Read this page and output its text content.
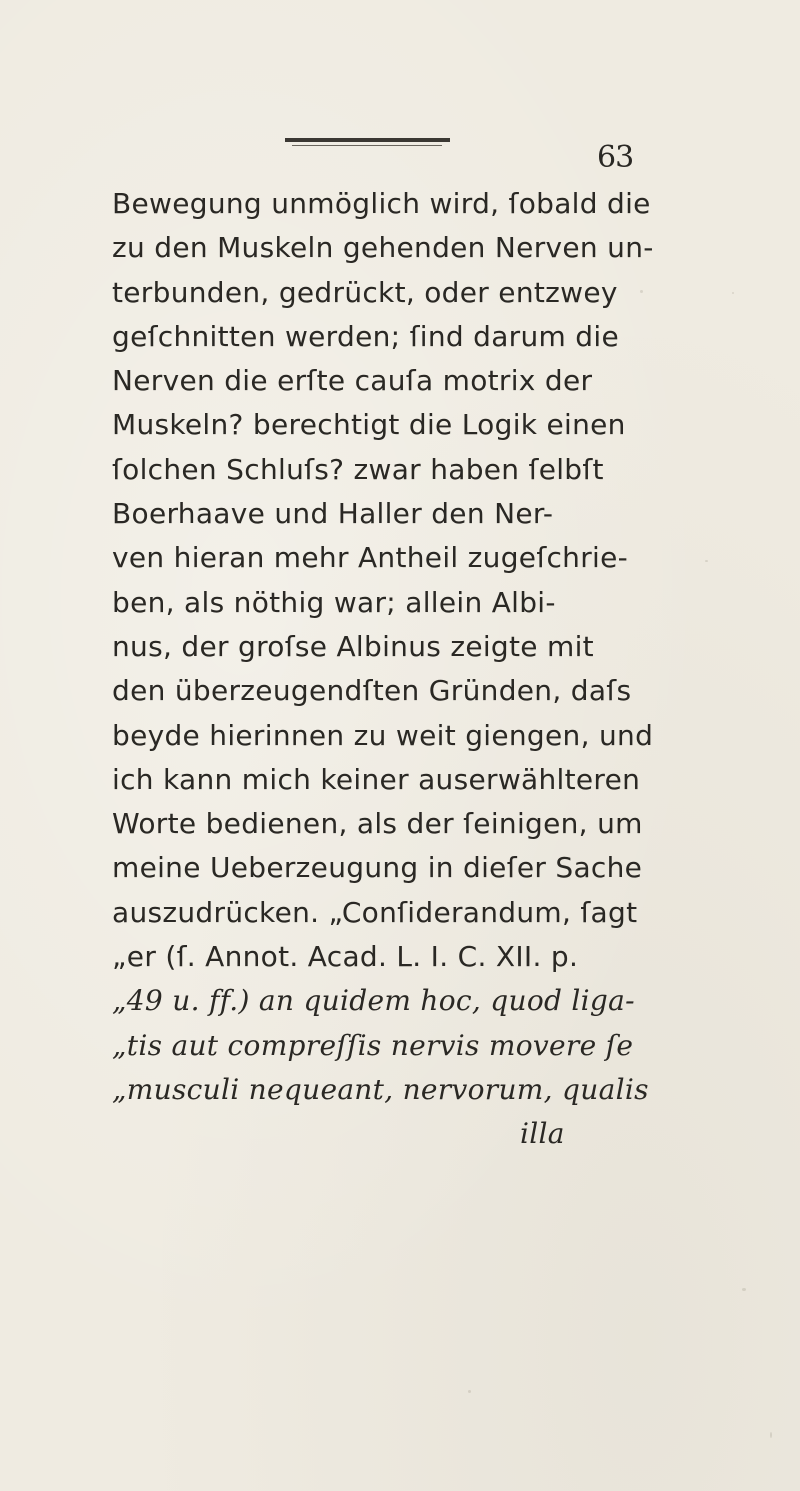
63
Bewegung unmöglich wird, ſobald die
zu den Muskeln gehenden Nerven un-
terbunden, gedrückt, oder entzwey
geſchnitten werden; ſind darum die
Nerven die erſte cauſa motrix der
Muskeln? berechtigt die Logik einen
ſolchen Schluſs? zwar haben ſelbſt
Boerhaave und Haller den Ner-
ven hieran mehr Antheil zugeſchrie-
ben, als nöthig war; allein Albi-
nus, der groſse Albinus zeigte mit
den überzeugendſten Gründen, daſs
beyde hierinnen zu weit giengen, und
ich kann mich keiner auserwählteren
Worte bedienen, als der ſeinigen, um
meine Ueberzeugung in dieſer Sache
auszudrücken. „Conſiderandum, ſagt
„er (ſ. Annot. Acad. L. I. C. XII. p.
„49 u. ff.) an quidem hoc, quod liga-
„tis aut compreſſis nervis movere ſe
„musculi nequeant, nervorum, qualis
illa
